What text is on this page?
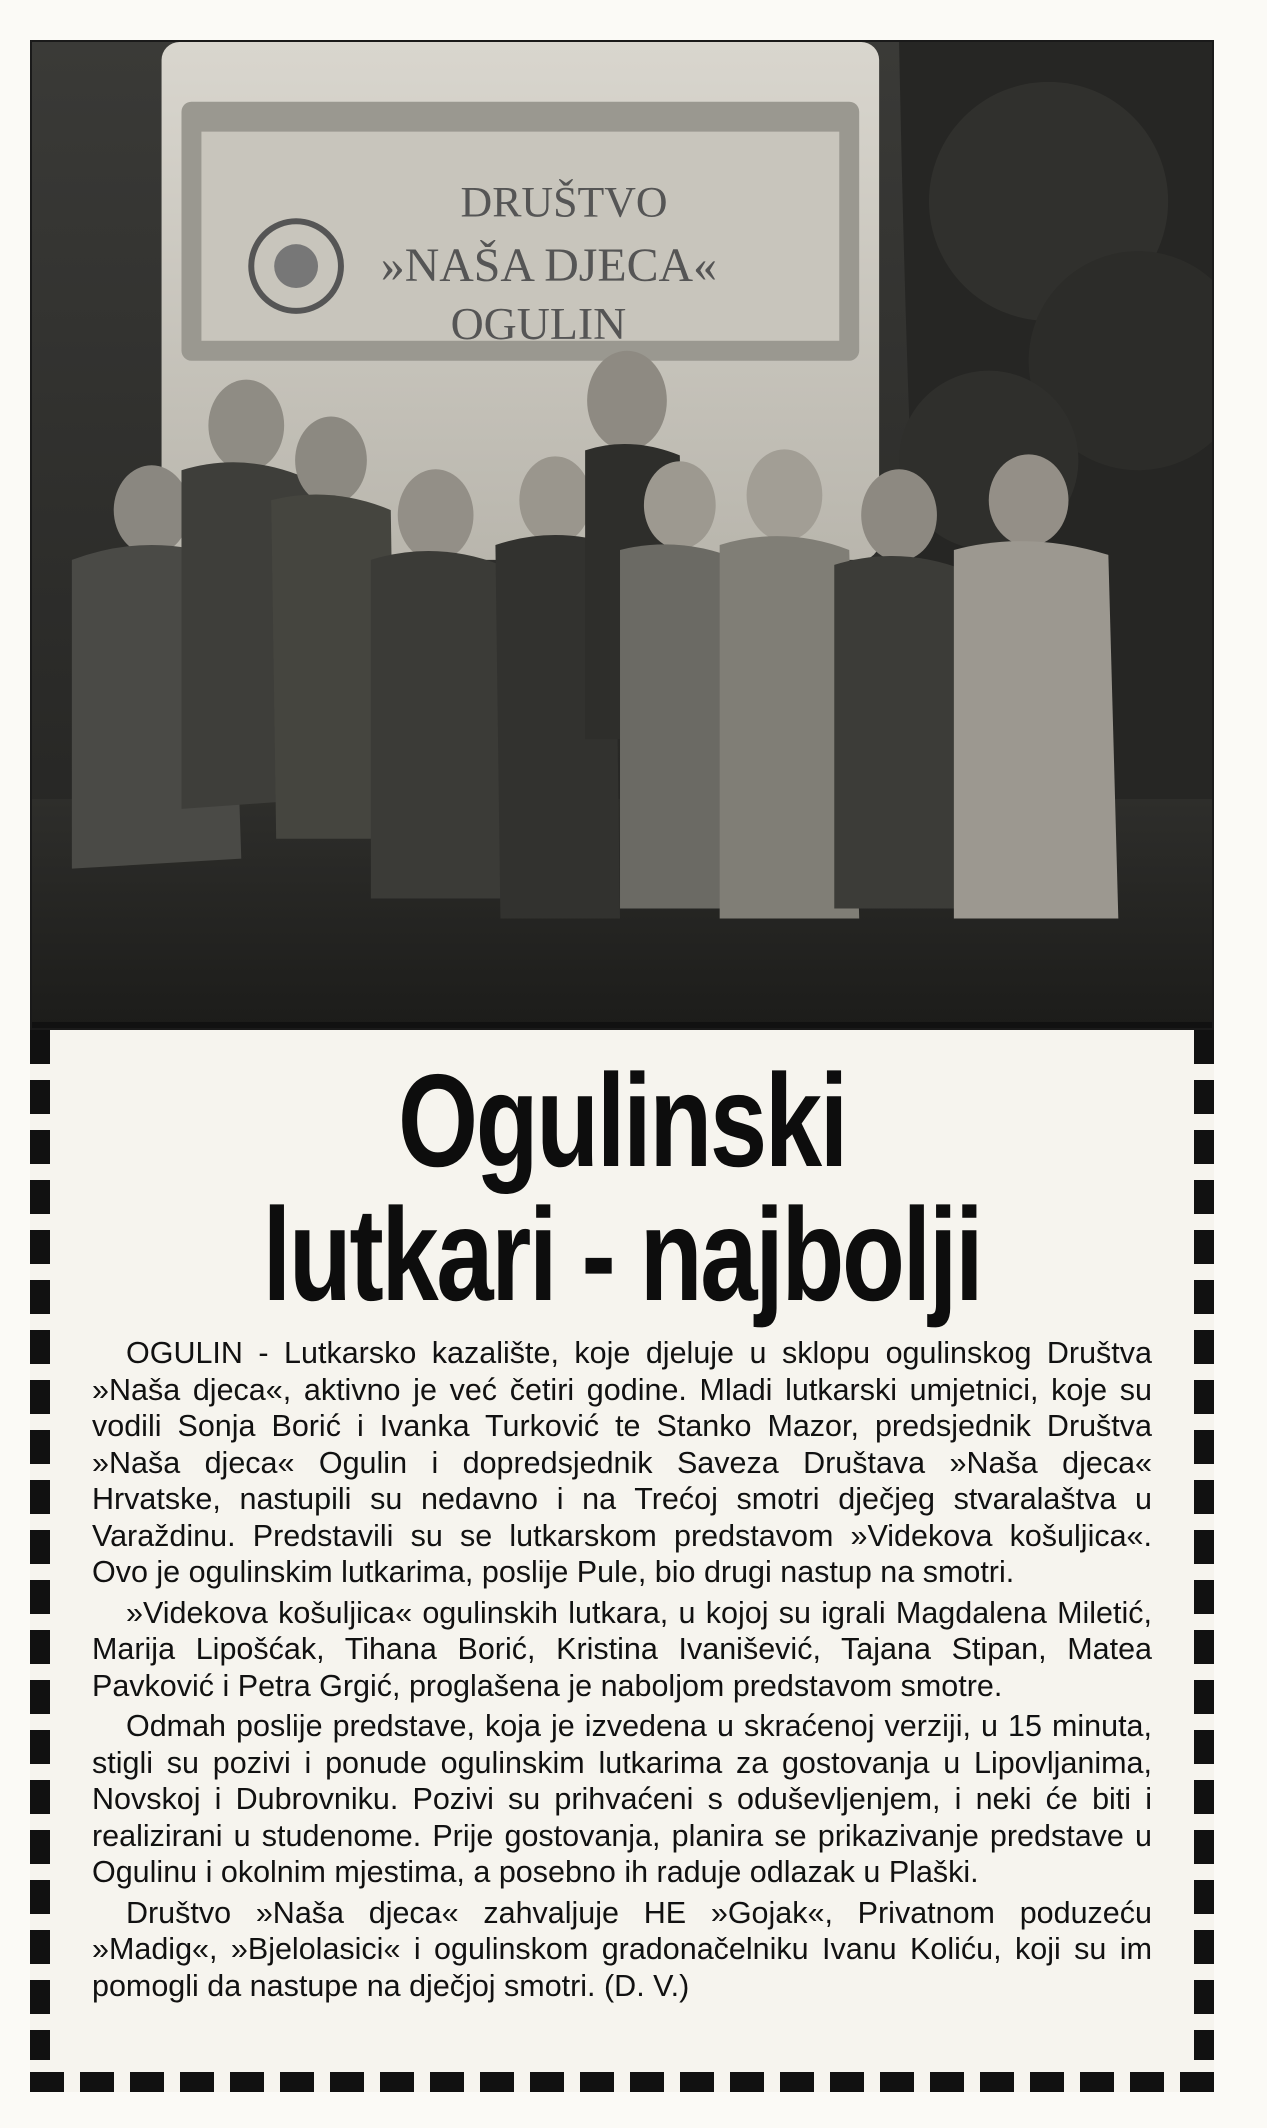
DRUŠTVO
»NAŠA DJECA«
OGULIN
Ogulinski
lutkari - najbolji

OGULIN - Lutkarsko kazalište, koje djeluje u sklopu ogulinskog Društva »Naša djeca«, aktivno je već četiri godine. Mladi lutkarski umjetnici, koje su vodili Sonja Borić i Ivanka Turković te Stanko Mazor, predsjednik Društva »Naša djeca« Ogulin i dopredsjednik Saveza Društava »Naša djeca« Hrvatske, nastupili su nedavno i na Trećoj smotri dječjeg stvaralaštva u Varaždinu. Predstavili su se lutkarskom predstavom »Videkova košuljica«. Ovo je ogulinskim lutkarima, poslije Pule, bio drugi nastup na smotri.

»Videkova košuljica« ogulinskih lutkara, u kojoj su igrali Magdalena Miletić, Marija Lipošćak, Tihana Borić, Kristina Ivanišević, Tajana Stipan, Matea Pavković i Petra Grgić, proglašena je naboljom predstavom smotre.

Odmah poslije predstave, koja je izvedena u skraćenoj verziji, u 15 minuta, stigli su pozivi i ponude ogulinskim lutkarima za gostovanja u Lipovljanima, Novskoj i Dubrovniku. Pozivi su prihvaćeni s oduševljenjem, i neki će biti i realizirani u studenome. Prije gostovanja, planira se prikazivanje predstave u Ogulinu i okolnim mjestima, a posebno ih raduje odlazak u Plaški.

Društvo »Naša djeca« zahvaljuje HE »Gojak«, Privatnom poduzeću »Madig«, »Bjelolasici« i ogulinskom gradonačelniku Ivanu Koliću, koji su im pomogli da nastupe na dječjoj smotri. (D. V.)
